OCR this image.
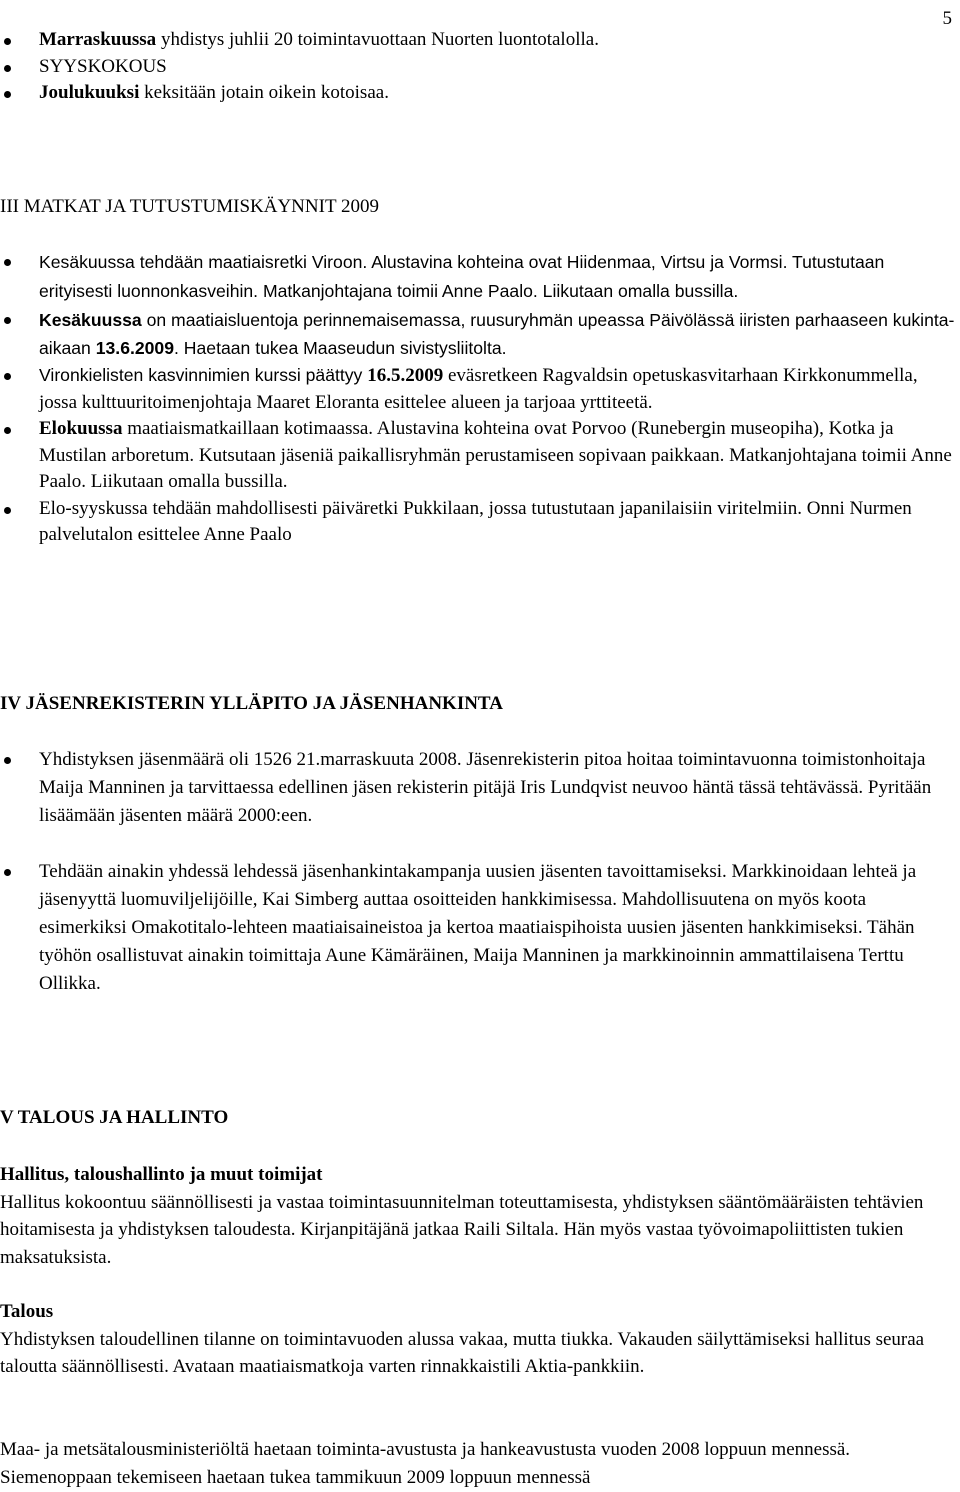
5
Marraskuussa yhdistys juhlii 20 toimintavuottaan Nuorten luontotalolla.
SYYSKOKOUS
Joulukuuksi keksitään jotain oikein kotoisaa.
III MATKAT JA TUTUSTUMISKÄYNNIT 2009
Kesäkuussa tehdään maatiaisretki Viroon. Alustavina kohteina ovat Hiidenmaa, Virtsu ja Vormsi. Tutustutaan erityisesti luonnonkasveihin. Matkanjohtajana toimii Anne Paalo. Liikutaan omalla bussilla.
Kesäkuussa on maatiaisluentoja perinnemaisemassa, ruusuryhmän upeassa Päivölässä iiristen parhaaseen kukinta-aikaan 13.6.2009. Haetaan tukea Maaseudun sivistysliitolta.
Vironkielisten kasvinnimien kurssi päättyy 16.5.2009 eväsretkeen Ragvaldsin opetuskasvitarhaan Kirkkonummella, jossa kulttuuritoimenjohtaja Maaret Eloranta esittelee alueen ja tarjoaa yrttiteetä.
Elokuussa maatiaismatkaillaan kotimaassa. Alustavina kohteina ovat Porvoo (Runebergin museopiha), Kotka ja Mustilan arboretum. Kutsutaan jäseniä paikallisryhmän perustamiseen sopivaan paikkaan. Matkanjohtajana toimii Anne Paalo. Liikutaan omalla bussilla.
Elo-syyskussa tehdään mahdollisesti päiväretki Pukkilaan, jossa tutustutaan japanilaisiin viritelmiin. Onni Nurmen palvelutalon esittelee Anne Paalo
IV JÄSENREKISTERIN YLLÄPITO JA JÄSENHANKINTA
Yhdistyksen jäsenmäärä oli 1526 21.marraskuuta 2008. Jäsenrekisterin pitoa hoitaa toimintavuonna toimistonhoitaja Maija Manninen ja tarvittaessa edellinen jäsen rekisterin pitäjä Iris Lundqvist neuvoo häntä tässä tehtävässä. Pyritään lisäämään jäsenten määrä 2000:een.
Tehdään ainakin yhdessä lehdessä jäsenhankintakampanja uusien jäsenten tavoittamiseksi. Markkinoidaan lehteä ja jäsenyyttä luomuviljelijöille, Kai Simberg auttaa osoitteiden hankkimisessa. Mahdollisuutena on myös koota esimerkiksi Omakotitalo-lehteen maatiaisaineistoa ja kertoa maatiaispihoista uusien jäsenten hankkimiseksi. Tähän työhön osallistuvat ainakin toimittaja Aune Kämäräinen, Maija Manninen ja markkinoinnin ammattilaisena Terttu Ollikka.
V TALOUS JA HALLINTO

Hallitus, taloushallinto ja muut toimijat

Hallitus kokoontuu säännöllisesti ja vastaa toimintasuunnitelman toteuttamisesta, yhdistyksen sääntömääräisten tehtävien hoitamisesta ja yhdistyksen taloudesta. Kirjanpitäjänä jatkaa Raili Siltala. Hän myös vastaa työvoimapoliittisten tukien maksatuksista.

Talous

Yhdistyksen taloudellinen tilanne on toimintavuoden alussa vakaa, mutta tiukka. Vakauden säilyttämiseksi hallitus seuraa taloutta säännöllisesti. Avataan maatiaismatkoja varten rinnakkaistili Aktia-pankkiin.

Maa- ja metsätalousministeriöltä haetaan toiminta-avustusta ja hankeavustusta vuoden 2008 loppuun mennessä. Siemenoppaan tekemiseen haetaan tukea tammikuun 2009 loppuun mennessä
